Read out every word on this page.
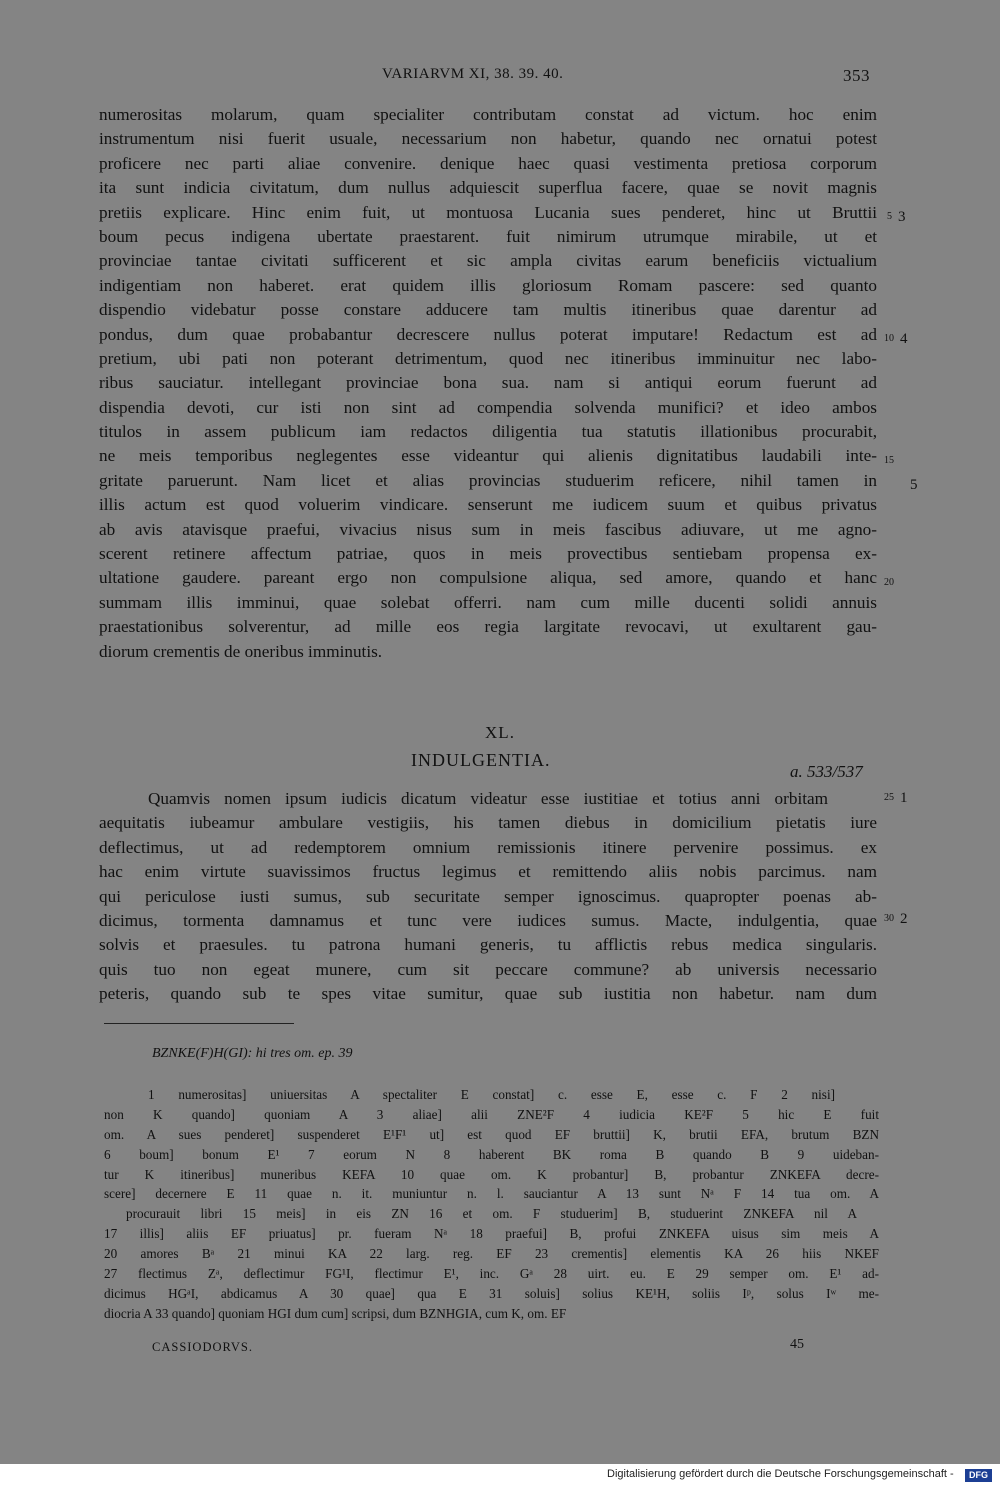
VARIARVM XI, 38. 39. 40.	353
numerositas molarum, quam specialiter contributam constat ad victum. hoc enim
instrumentum nisi fuerit usuale, necessarium non habetur, quando nec ornatui potest
proficere nec parti aliae convenire. denique haec quasi vestimenta pretiosa corporum
ita sunt indicia civitatum, dum nullus adquiescit superflua facere, quae se novit magnis
pretiis explicare. Hinc enim fuit, ut montuosa Lucania sues penderet, hinc ut Bruttii
boum pecus indigena ubertate praestarent. fuit nimirum utrumque mirabile, ut et
provinciae tantae civitati sufficerent et sic ampla civitas earum beneficiis victualium
indigentiam non haberet. erat quidem illis gloriosum Romam pascere: sed quanto
dispendio videbatur posse constare adducere tam multis itineribus quae darentur ad
pondus, dum quae probabantur decrescere nullus poterat imputare! Redactum est ad
pretium, ubi pati non poterant detrimentum, quod nec itineribus imminuitur nec labo-
ribus sauciatur. intellegant provinciae bona sua. nam si antiqui eorum fuerunt ad
dispendia devoti, cur isti non sint ad compendia solvenda munifici? et ideo ambos
titulos in assem publicum iam redactos diligentia tua statutis illationibus procurabit,
ne meis temporibus neglegentes esse videantur qui alienis dignitatibus laudabili inte-
gritate paruerunt. Nam licet et alias provincias studuerim reficere, nihil tamen in
illis actum est quod voluerim vindicare. senserunt me iudicem suum et quibus privatus
ab avis atavisque praefui, vivacius nisus sum in meis fascibus adiuvare, ut me agno-
scerent retinere affectum patriae, quos in meis provectibus sentiebam propensa ex-
ultatione gaudere. pareant ergo non compulsione aliqua, sed amore, quando et hanc
summam illis imminui, quae solebat offerri. nam cum mille ducenti solidi annuis
praestationibus solverentur, ad mille eos regia largitate revocavi, ut exultarent gau-
diorum crementis de oneribus imminutis.
5 3
10 4
15
5
20
XL.
INDULGENTIA.
a. 533/537
Quamvis nomen ipsum iudicis dicatum videatur esse iustitiae et totius anni orbitam
aequitatis iubeamur ambulare vestigiis, his tamen diebus in domicilium pietatis iure
deflectimus, ut ad redemptorem omnium remissionis itinere pervenire possimus. ex
hac enim virtute suavissimos fructus legimus et remittendo aliis nobis parcimus. nam
qui periculose iusti sumus, sub securitate semper ignoscimus. quapropter poenas ab-
dicimus, tormenta damnamus et tunc vere iudices sumus. Macte, indulgentia, quae
solvis et praesules. tu patrona humani generis, tu afflictis rebus medica singularis.
quis tuo non egeat munere, cum sit peccare commune? ab universis necessario
peteris, quando sub te spes vitae sumitur, quae sub iustitia non habetur. nam dum
25 1
30 2
BZNKE(F)H(GI): hi tres om. ep. 39
1 numerositas] uniuersitas A spectaliter E constat] c. esse E, esse c. F 2 nisi]
non K quando] quoniam A 3 aliae] alii ZNE²F 4 iudicia KE²F 5 hic E fuit
om. A sues penderet] suspenderet E¹F¹ ut] est quod EF bruttii] K, brutii EFA, brutum BZN
6 boum] bonum E¹ 7 eorum N 8 haberent BK roma B quando B 9 uideban-
tur K itineribus] muneribus KEFA 10 quae om. K probantur] B, probantur ZNKEFA decre-
scere] decernere E 11 quae n. it. muniuntur n. l. sauciantur A 13 sunt Nᵃ F 14 tua om. A
procurauit libri 15 meis] in eis ZN 16 et om. F studuerim] B, studuerint ZNKEFA nil A
17 illis] aliis EF priuatus] pr. fueram Nᵃ 18 praefui] B, profui ZNKEFA uisus sim meis A
20 amores Bᵃ 21 minui KA 22 larg. reg. EF 23 crementis] elementis KA 26 hiis NKEF
27 flectimus Zᵃ, deflectimur FG¹I, flectimur E¹, inc. Gᵃ 28 uirt. eu. E 29 semper om. E¹ ad-
dicimus HGᵃI, abdicamus A 30 quae] qua E 31 soluis] solius KE¹H, soliis Iᵖ, solus Iʷ me-
diocria A 33 quando] quoniam HGI dum cum] scripsi, dum BZNHGIA, cum K, om. EF
CASSIODORVS.	45
Digitalisierung gefördert durch die Deutsche Forschungsgemeinschaft -	DFG
